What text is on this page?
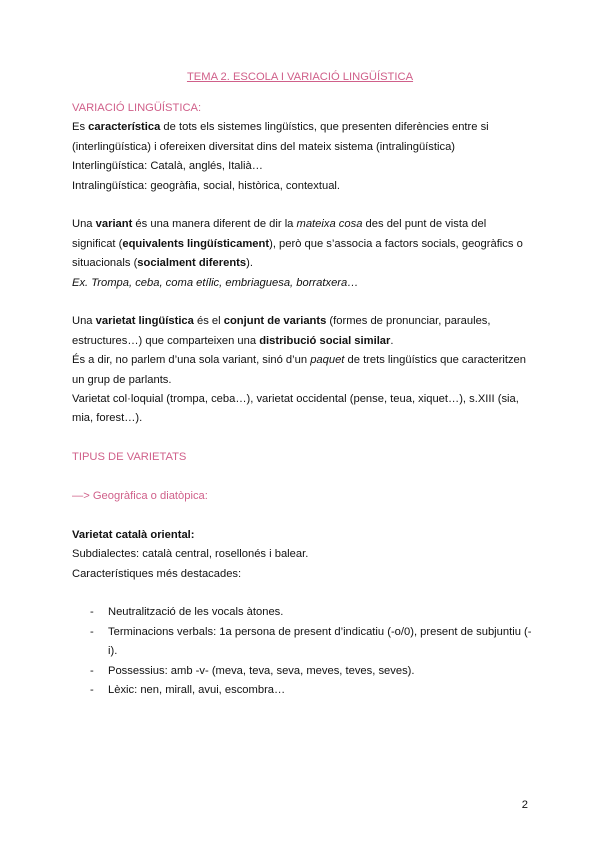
TEMA 2. ESCOLA I VARIACIÓ LINGÜÍSTICA

VARIACIÓ LINGÜÍSTICA:

Es característica de tots els sistemes lingüístics, que presenten diferències entre si (interlingüística) i ofereixen diversitat dins del mateix sistema (intralingüística)

Interlingüística: Català, anglés, Italià…

Intralingüística: geogràfia, social, històrica, contextual.

Una variant és una manera diferent de dir la mateixa cosa des del punt de vista del significat (equivalents lingüísticament), però que s’associa a factors socials, geogràfics o situacionals (socialment diferents).

Ex. Trompa, ceba, coma etílic, embriaguesa, borratxera…

Una varietat lingüística és el conjunt de variants (formes de pronunciar, paraules, estructures…) que comparteixen una distribució social similar.

És a dir, no parlem d’una sola variant, sinó d’un paquet de trets lingüístics que caracteritzen un grup de parlants.

Varietat col·loquial (trompa, ceba…), varietat occidental (pense, teua, xiquet…), s.XIII (sia, mia, forest…).

TIPUS DE VARIETATS

—> Geogràfica o diatòpica:

Varietat català oriental:

Subdialectes: català central, rosellonés i balear.

Característiques més destacades:

- Neutralització de les vocals àtones.
- Terminacions verbals: 1a persona de present d’indicatiu (-o/0), present de subjuntiu (-i).
- Possessius: amb -v- (meva, teva, seva, meves, teves, seves).
- Lèxic: nen, mirall, avui, escombra…
2
